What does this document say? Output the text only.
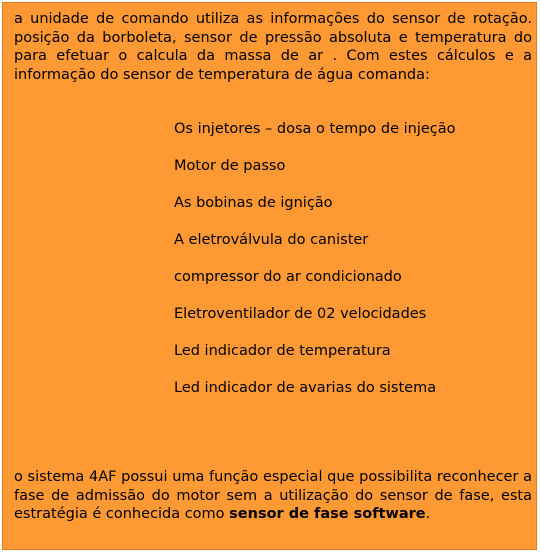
a unidade de comando utiliza as informações do sensor de rotação. posição da borboleta, sensor de pressão absoluta e temperatura do para efetuar o calcula da massa de ar . Com estes cálculos e a informação do sensor de temperatura de água comanda:

Os injetores – dosa o tempo de injeção
Motor de passo
As bobinas de ignição
A eletroválvula do canister
compressor do ar condicionado
Eletroventilador de 02 velocidades
Led indicador de temperatura
Led indicador de avarias do sistema

o sistema 4AF possui uma função especial que possibilita reconhecer a fase de admissão do motor sem a utilização do sensor de fase, esta estratégia é conhecida como sensor de fase software.
